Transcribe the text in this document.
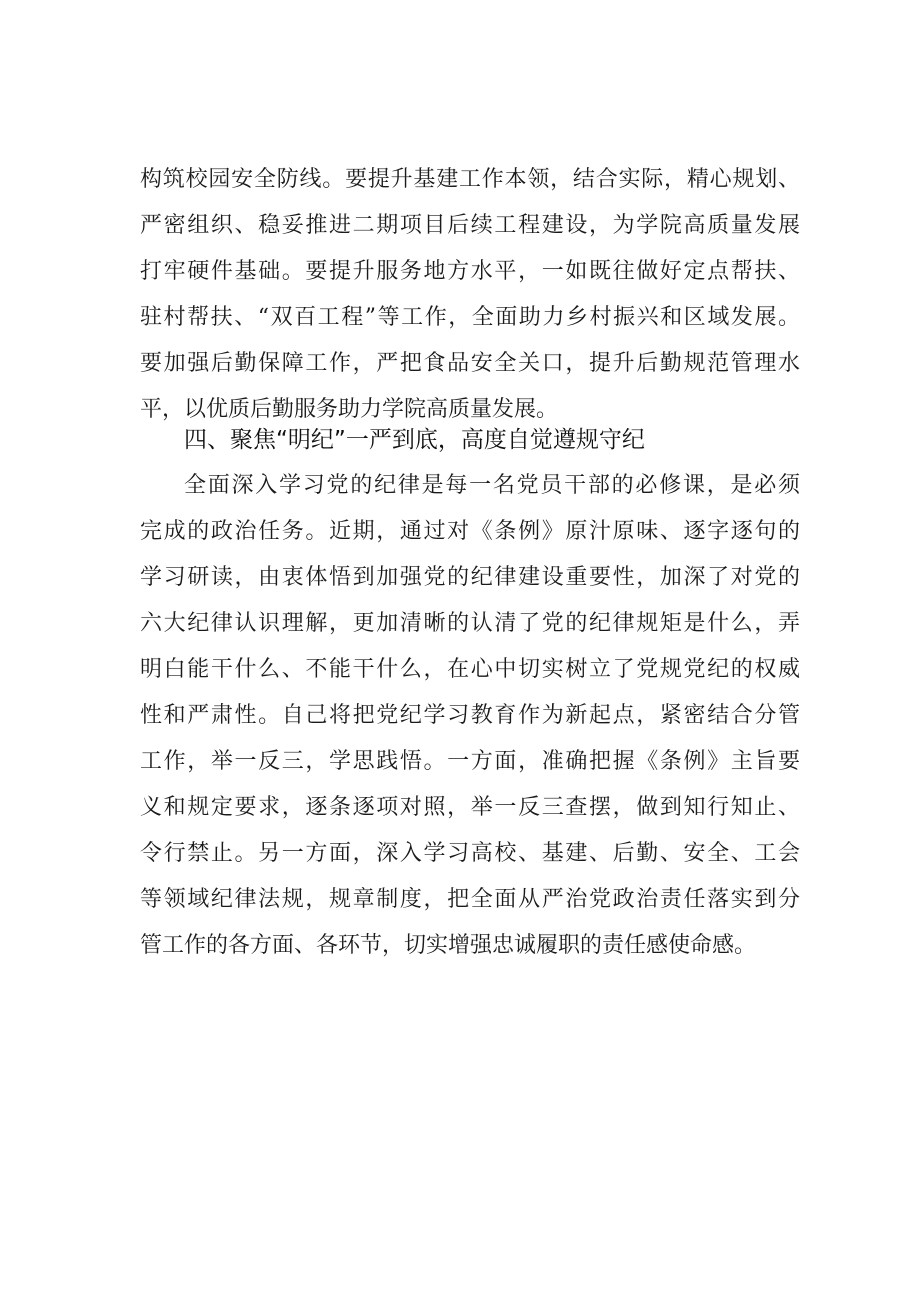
构筑校园安全防线。要提升基建工作本领，结合实际，精心规划、
严密组织、稳妥推进二期项目后续工程建设，为学院高质量发展
打牢硬件基础。要提升服务地方水平，一如既往做好定点帮扶、
驻村帮扶、“双百工程”等工作，全面助力乡村振兴和区域发展。
要加强后勤保障工作，严把食品安全关口，提升后勤规范管理水
平，以优质后勤服务助力学院高质量发展。
四、聚焦“明纪”一严到底，高度自觉遵规守纪
全面深入学习党的纪律是每一名党员干部的必修课，是必须
完成的政治任务。近期，通过对《条例》原汁原味、逐字逐句的
学习研读，由衷体悟到加强党的纪律建设重要性，加深了对党的
六大纪律认识理解，更加清晰的认清了党的纪律规矩是什么，弄
明白能干什么、不能干什么，在心中切实树立了党规党纪的权威
性和严肃性。自己将把党纪学习教育作为新起点，紧密结合分管
工作，举一反三，学思践悟。一方面，准确把握《条例》主旨要
义和规定要求，逐条逐项对照，举一反三查摆，做到知行知止、
令行禁止。另一方面，深入学习高校、基建、后勤、安全、工会
等领域纪律法规，规章制度，把全面从严治党政治责任落实到分
管工作的各方面、各环节，切实增强忠诚履职的责任感使命感。
